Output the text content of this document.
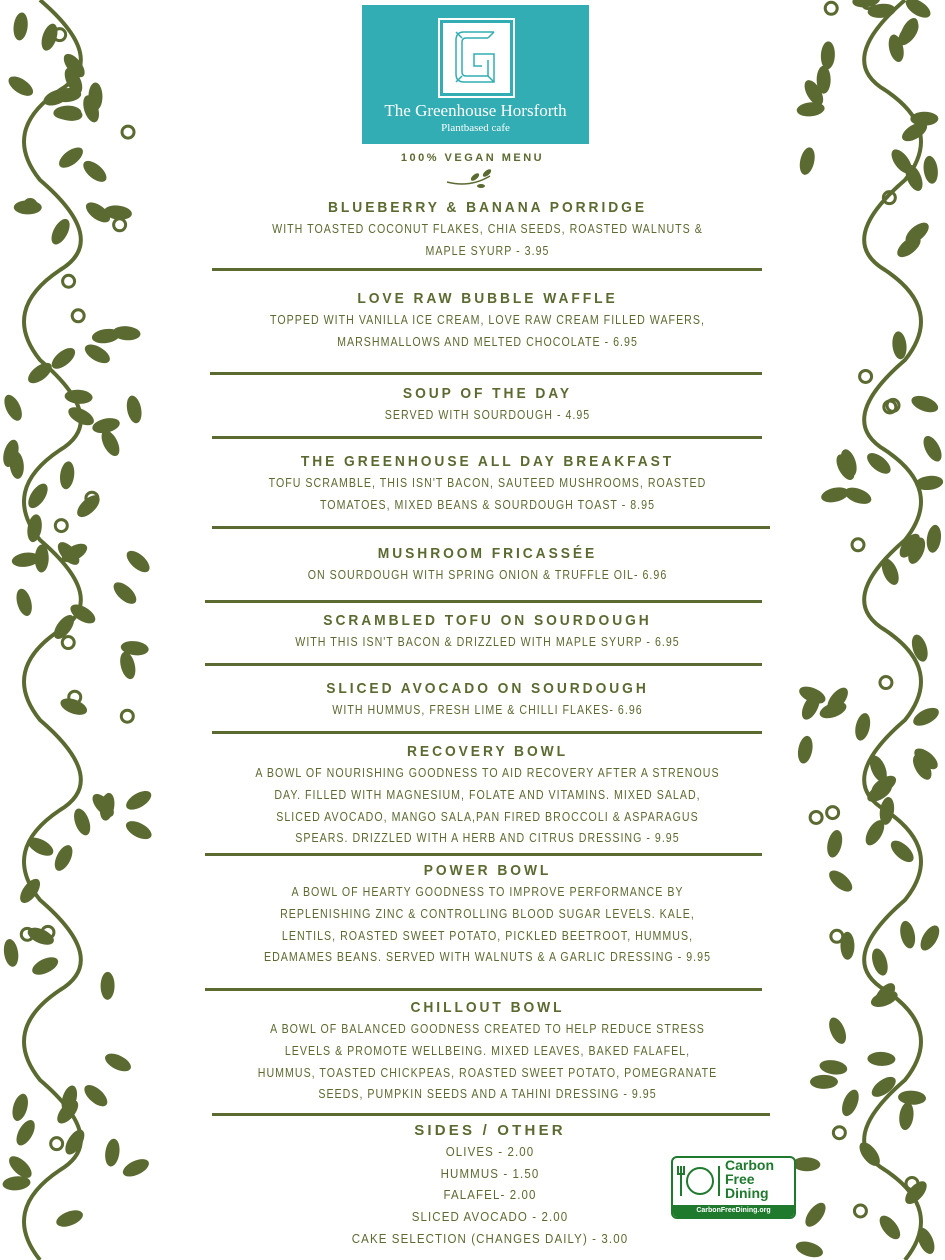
The Greenhouse Horsforth
Plantbased cafe
100% VEGAN MENU
BLUEBERRY & BANANA PORRIDGE
WITH TOASTED COCONUT FLAKES, CHIA SEEDS, ROASTED WALNUTS &
MAPLE SYURP - 3.95
LOVE RAW BUBBLE WAFFLE
TOPPED WITH VANILLA ICE CREAM, LOVE RAW CREAM FILLED WAFERS,
MARSHMALLOWS AND MELTED CHOCOLATE - 6.95
SOUP OF THE DAY
SERVED WITH SOURDOUGH - 4.95
THE GREENHOUSE ALL DAY BREAKFAST
TOFU SCRAMBLE, THIS ISN'T BACON, SAUTEED MUSHROOMS, ROASTED
TOMATOES, MIXED BEANS & SOURDOUGH TOAST - 8.95
MUSHROOM FRICASSÉE
ON SOURDOUGH WITH SPRING ONION & TRUFFLE OIL- 6.96
SCRAMBLED TOFU ON SOURDOUGH
WITH THIS ISN'T BACON & DRIZZLED WITH MAPLE SYURP - 6.95
SLICED AVOCADO ON SOURDOUGH
WITH HUMMUS, FRESH LIME & CHILLI FLAKES- 6.96
RECOVERY BOWL
A BOWL OF NOURISHING GOODNESS TO AID RECOVERY AFTER A STRENOUS
DAY. FILLED WITH MAGNESIUM, FOLATE AND VITAMINS. MIXED SALAD,
SLICED AVOCADO, MANGO SALA,PAN FIRED BROCCOLI & ASPARAGUS
SPEARS. DRIZZLED WITH A HERB AND CITRUS DRESSING - 9.95
POWER BOWL
A BOWL OF HEARTY GOODNESS TO IMPROVE PERFORMANCE BY
REPLENISHING ZINC & CONTROLLING BLOOD SUGAR LEVELS. KALE,
LENTILS, ROASTED SWEET POTATO, PICKLED BEETROOT, HUMMUS,
EDAMAMES BEANS. SERVED WITH WALNUTS & A GARLIC DRESSING - 9.95
CHILLOUT BOWL
A BOWL OF BALANCED GOODNESS CREATED TO HELP REDUCE STRESS
LEVELS & PROMOTE WELLBEING. MIXED LEAVES, BAKED FALAFEL,
HUMMUS, TOASTED CHICKPEAS, ROASTED SWEET POTATO, POMEGRANATE
SEEDS, PUMPKIN SEEDS AND A TAHINI DRESSING - 9.95
SIDES / OTHER
OLIVES - 2.00
HUMMUS - 1.50
FALAFEL- 2.00
SLICED AVOCADO - 2.00
CAKE SELECTION (CHANGES DAILY) - 3.00
Carbon
Free
Dining
CarbonFreeDining.org
